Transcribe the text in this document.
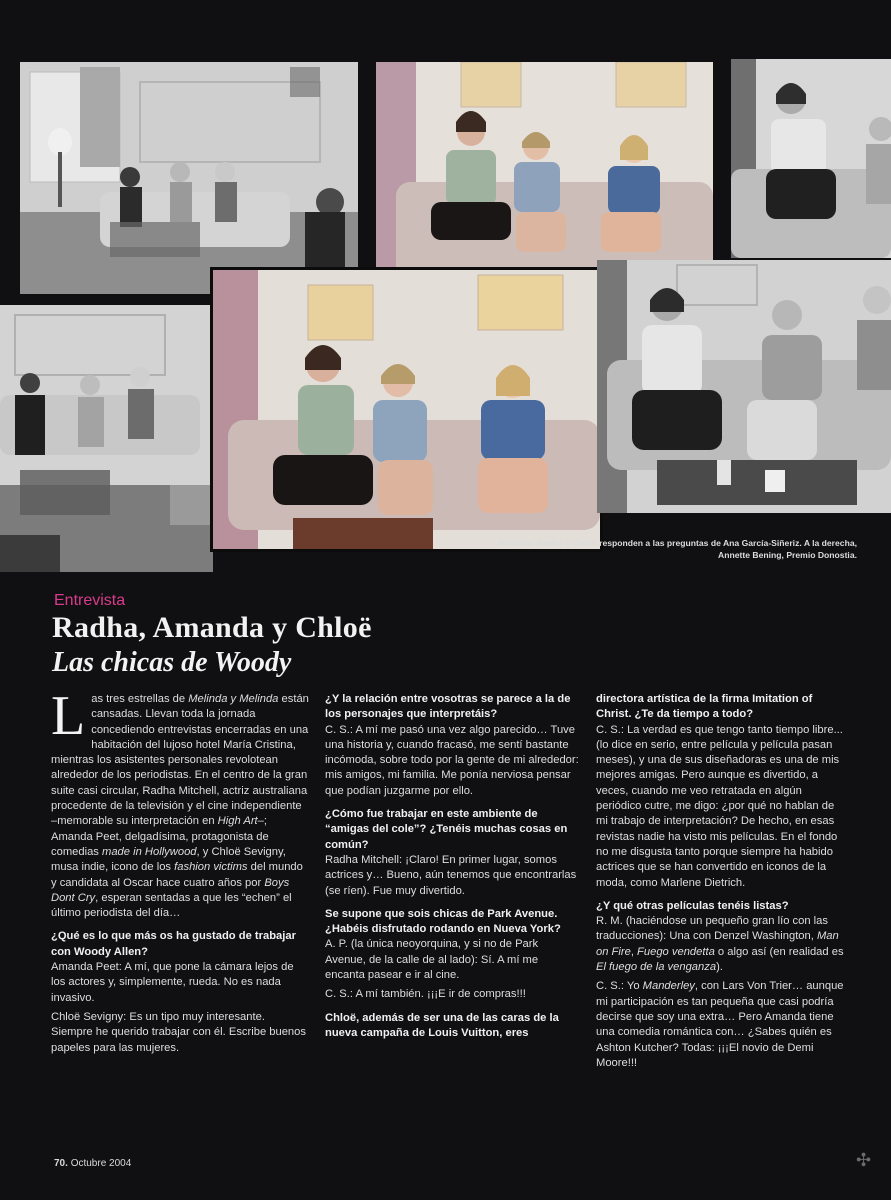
Amanda, Radha y Chloë responden a las preguntas de Ana García-Siñeriz. A la derecha, Annette Bening, Premio Donostia.
Entrevista
Radha, Amanda y Chloë
Las chicas de Woody

Las tres estrellas de Melinda y Melinda están cansadas. Llevan toda la jornada concediendo entrevistas encerradas en una habitación del lujoso hotel María Cristina, mientras los asistentes personales revolotean alrededor de los periodistas. En el centro de la gran suite casi circular, Radha Mitchell, actriz australiana procedente de la televisión y el cine independiente –memorable su interpretación en High Art–; Amanda Peet, delgadísima, protagonista de comedias made in Hollywood, y Chloë Sevigny, musa indie, icono de los fashion victims del mundo y candidata al Oscar hace cuatro años por Boys Dont Cry, esperan sentadas a que les “echen” el último periodista del día…

¿Qué es lo que más os ha gustado de trabajar con Woody Allen?

Amanda Peet: A mí, que pone la cámara lejos de los actores y, simplemente, rueda. No es nada invasivo.

Chloë Sevigny: Es un tipo muy interesante. Siempre he querido trabajar con él. Escribe buenos papeles para las mujeres.

¿Y la relación entre vosotras se parece a la de los personajes que interpretáis?

C. S.: A mí me pasó una vez algo parecido… Tuve una historia y, cuando fracasó, me sentí bastante incómoda, sobre todo por la gente de mi alrededor: mis amigos, mi familia. Me ponía nerviosa pensar que podían juzgarme por ello.

¿Cómo fue trabajar en este ambiente de “amigas del cole”? ¿Tenéis muchas cosas en común?

Radha Mitchell: ¡Claro! En primer lugar, somos actrices y… Bueno, aún tenemos que encontrarlas (se ríen). Fue muy divertido.

Se supone que sois chicas de Park Avenue. ¿Habéis disfrutado rodando en Nueva York?

A. P. (la única neoyorquina, y si no de Park Avenue, de la calle de al lado): Sí. A mí me encanta pasear e ir al cine.

C. S.: A mí también. ¡¡¡E ir de compras!!!

Chloë, además de ser una de las caras de la nueva campaña de Louis Vuitton, eres

directora artística de la firma Imitation of Christ. ¿Te da tiempo a todo?

C. S.: La verdad es que tengo tanto tiempo libre... (lo dice en serio, entre película y película pasan meses), y una de sus diseñadoras es una de mis mejores amigas. Pero aunque es divertido, a veces, cuando me veo retratada en algún periódico cutre, me digo: ¿por qué no hablan de mi trabajo de interpretación? De hecho, en esas revistas nadie ha visto mis películas. En el fondo no me disgusta tanto porque siempre ha habido actrices que se han convertido en iconos de la moda, como Marlene Dietrich.

¿Y qué otras películas tenéis listas?

R. M. (haciéndose un pequeño gran lío con las traducciones): Una con Denzel Washington, Man on Fire, Fuego vendetta o algo así (en realidad es El fuego de la venganza).

C. S.: Yo Manderley, con Lars Von Trier… aunque mi participación es tan pequeña que casi podría decirse que soy una extra… Pero Amanda tiene una comedia romántica con… ¿Sabes quién es Ashton Kutcher? Todas: ¡¡¡El novio de Demi Moore!!!

70. Octubre 2004	✣
